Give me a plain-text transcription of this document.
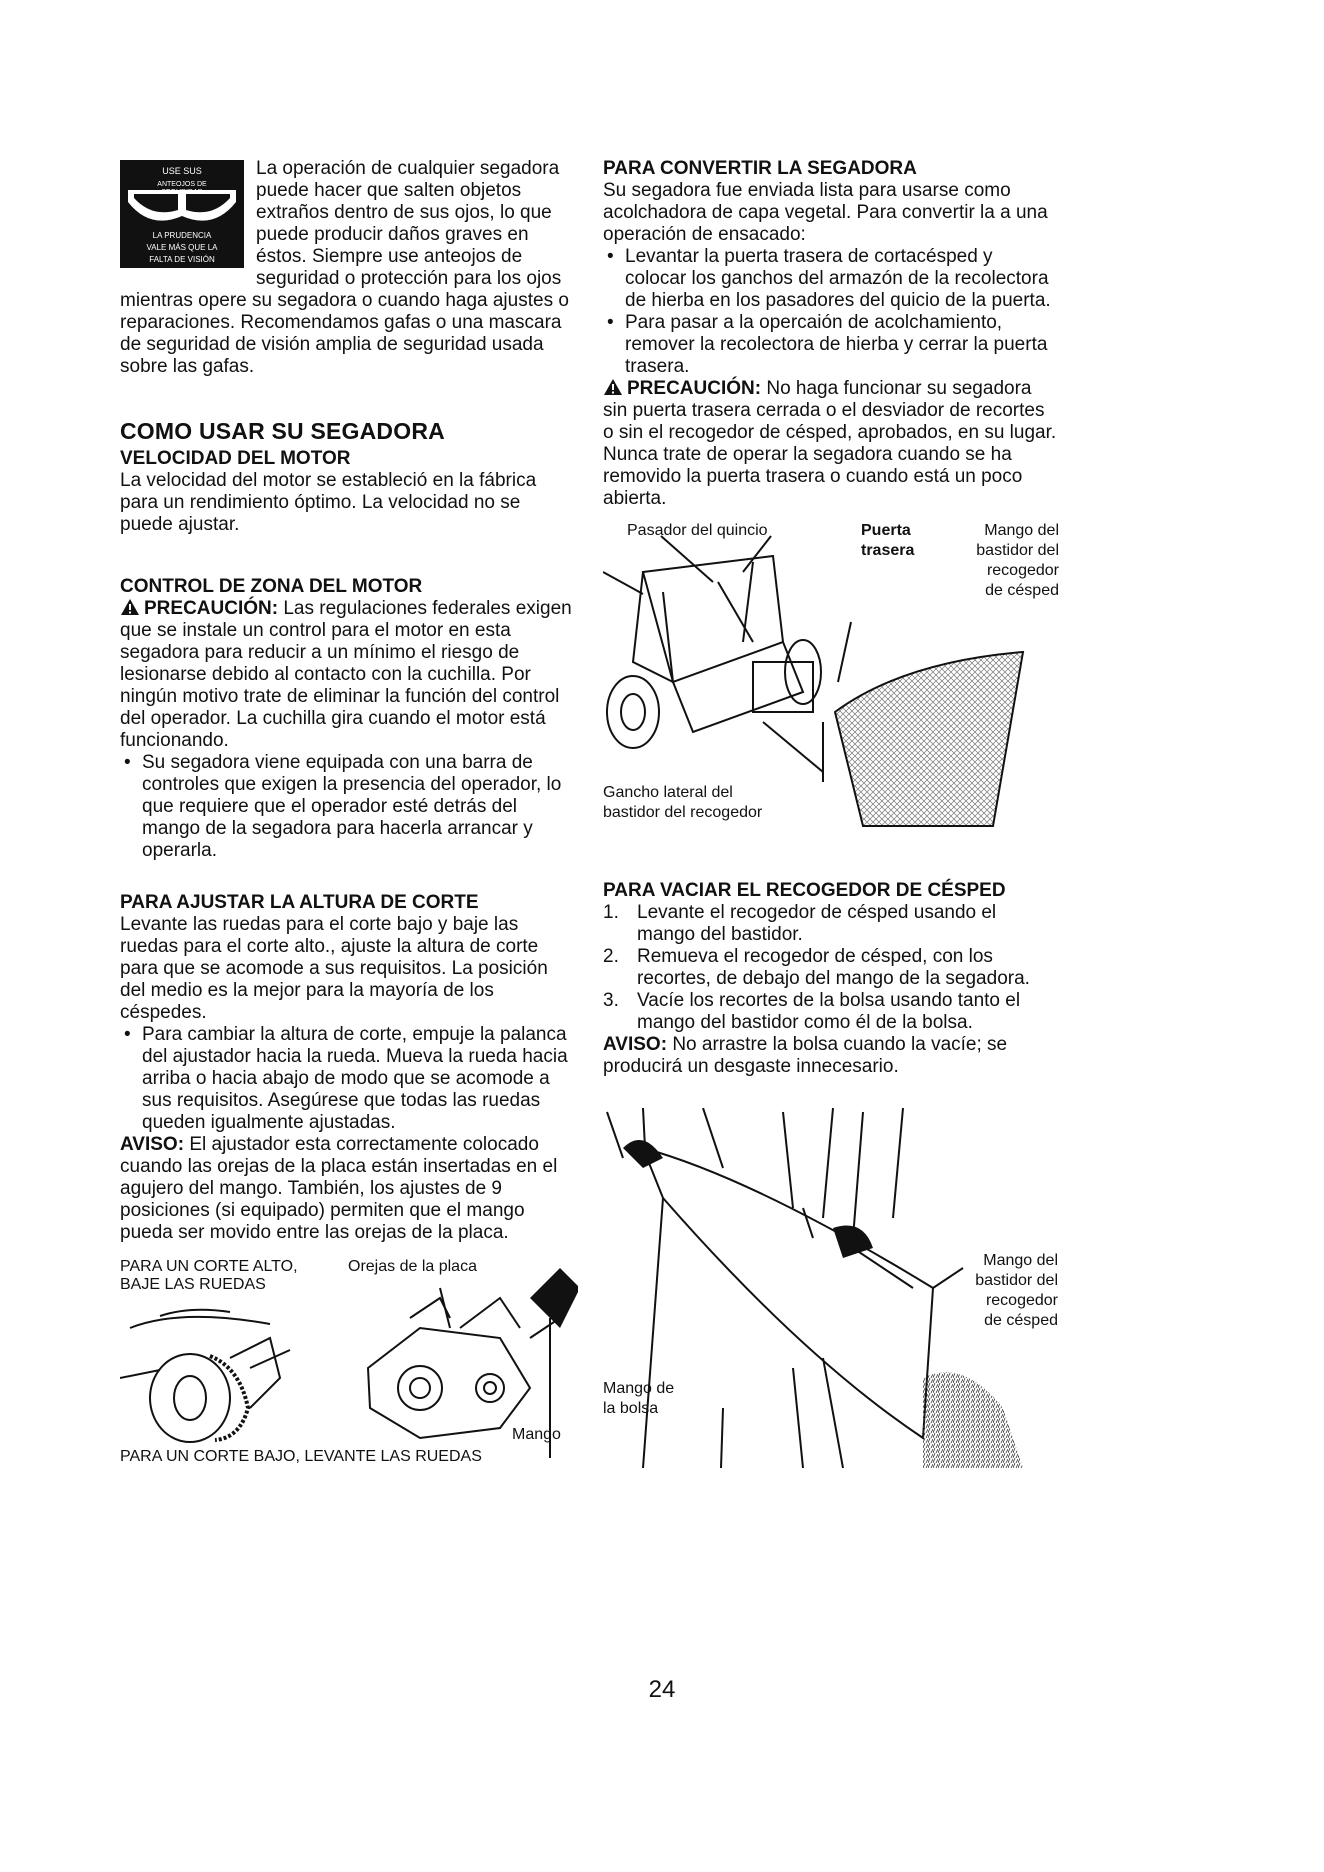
USE SUS
ANTEOJOS DE
SEGURIDAD
LA PRUDENCIA
VALE MÁS QUE LA
FALTA DE VISIÓN

La operación de cualquier segadora puede hacer que salten objetos extraños dentro de sus ojos, lo que puede producir daños graves en éstos. Siempre use anteojos de seguridad o protección para los ojos mientras opere su segadora o cuando haga ajustes o reparaciones. Recomendamos gafas o una mascara de seguridad de visión amplia de seguridad usada sobre las gafas.

COMO USAR SU SEGADORA
VELOCIDAD DEL MOTOR

La velocidad del motor se estableció en la fábrica para un rendimiento óptimo. La velocidad no se puede ajustar.

CONTROL DE ZONA DEL MOTOR

PRECAUCIÓN: Las regulaciones federales exigen que se instale un control para el motor en esta segadora para reducir a un mínimo el riesgo de lesionarse debido al contacto con la cuchilla. Por ningún motivo trate de eliminar la función del control del operador. La cuchilla gira cuando el motor está funcionando.

• Su segadora viene equipada con una barra de controles que exigen la presencia del operador, lo que requiere que el operador esté detrás del mango de la segadora para hacerla arrancar y operarla.

PARA AJUSTAR LA ALTURA DE CORTE

Levante las ruedas para el corte bajo y baje las ruedas para el corte alto., ajuste la altura de corte para que se acomode a sus requisitos. La posición del medio es la mejor para la mayoría de los céspedes.

• Para cambiar la altura de corte, empuje la palanca del ajustador hacia la rueda. Mueva la rueda hacia arriba o hacia abajo de modo que se acomode a sus requisitos. Asegúrese que todas las ruedas queden igualmente ajustadas.

AVISO: El ajustador esta correctamente colocado cuando las orejas de la placa están insertadas en el agujero del mango. También, los ajustes de 9 posiciones (si equipado) permiten que el mango pueda ser movido entre las orejas de la placa.

PARA UN CORTE ALTO,
BAJE LAS RUEDAS
Orejas de la placa
Mango
PARA UN CORTE BAJO, LEVANTE LAS RUEDAS
PARA CONVERTIR LA SEGADORA

Su segadora fue enviada lista para usarse como acolchadora de capa vegetal. Para convertir la a una operación de ensacado:

• Levantar la puerta trasera de cortacésped y colocar los ganchos del armazón de la recolectora de hierba en los pasadores del quicio de la puerta.

• Para pasar a la opercaión de acolchamiento, remover la recolectora de hierba y cerrar la puerta trasera.

PRECAUCIÓN: No haga funcionar su segadora sin puerta trasera cerrada o el desviador de recortes o sin el recogedor de césped, aprobados, en su lugar. Nunca trate de operar la segadora cuando se ha removido la puerta trasera o cuando está un poco abierta.

Pasador del quincio	Puerta
trasera
Mango del
bastidor del
recogedor
de césped
Gancho lateral del
bastidor del recogedor
PARA VACIAR EL RECOGEDOR DE CÉSPED

1. Levante el recogedor de césped usando el mango del bastidor.

2. Remueva el recogedor de césped, con los recortes, de debajo del mango de la segadora.

3. Vacíe los recortes de la bolsa usando tanto el mango del bastidor como él de la bolsa.

AVISO: No arrastre la bolsa cuando la vacíe; se producirá un desgaste innecesario.

Mango del
bastidor del
recogedor
de césped
Mango de
la bolsa
24
